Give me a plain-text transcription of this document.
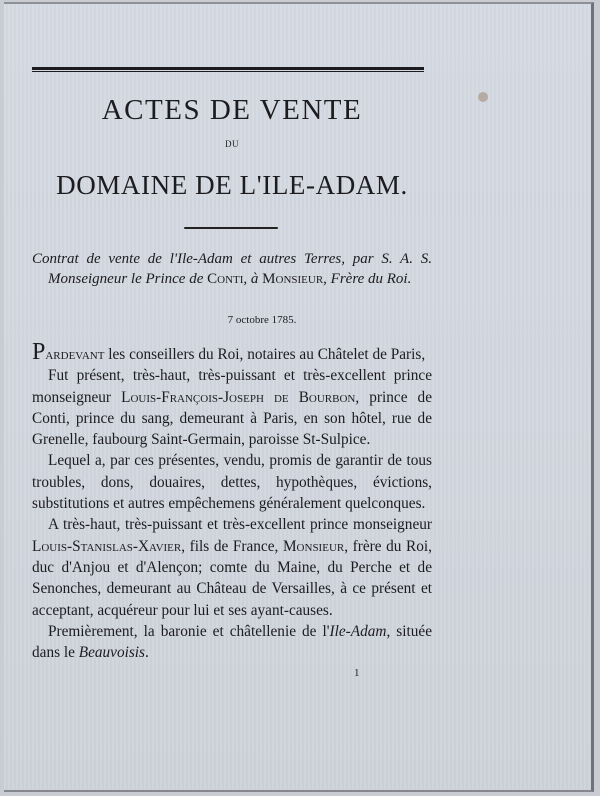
ACTES DE VENTE
DU
DOMAINE DE L'ILE-ADAM.
Contrat de vente de l'Ile-Adam et autres Terres, par S. A. S. Monseigneur le Prince de Conti, à Monsieur, Frère du Roi.
7 octobre 1785.

Pardevant les conseillers du Roi, notaires au Châtelet de Paris,

Fut présent, très-haut, très-puissant et très-excellent prince monseigneur Louis-François-Joseph de Bourbon, prince de Conti, prince du sang, demeurant à Paris, en son hôtel, rue de Grenelle, faubourg Saint-Germain, paroisse St-Sulpice.

Lequel a, par ces présentes, vendu, promis de garantir de tous troubles, dons, douaires, dettes, hypothèques, évictions, substitutions et autres empêchemens généralement quelconques.

A très-haut, très-puissant et très-excellent prince monseigneur Louis-Stanislas-Xavier, fils de France, Monsieur, frère du Roi, duc d'Anjou et d'Alençon; comte du Maine, du Perche et de Senonches, demeurant au Château de Versailles, à ce présent et acceptant, acquéreur pour lui et ses ayant-causes.

Premièrement, la baronie et châtellenie de l'Ile-Adam, située dans le Beauvoisis.

1
